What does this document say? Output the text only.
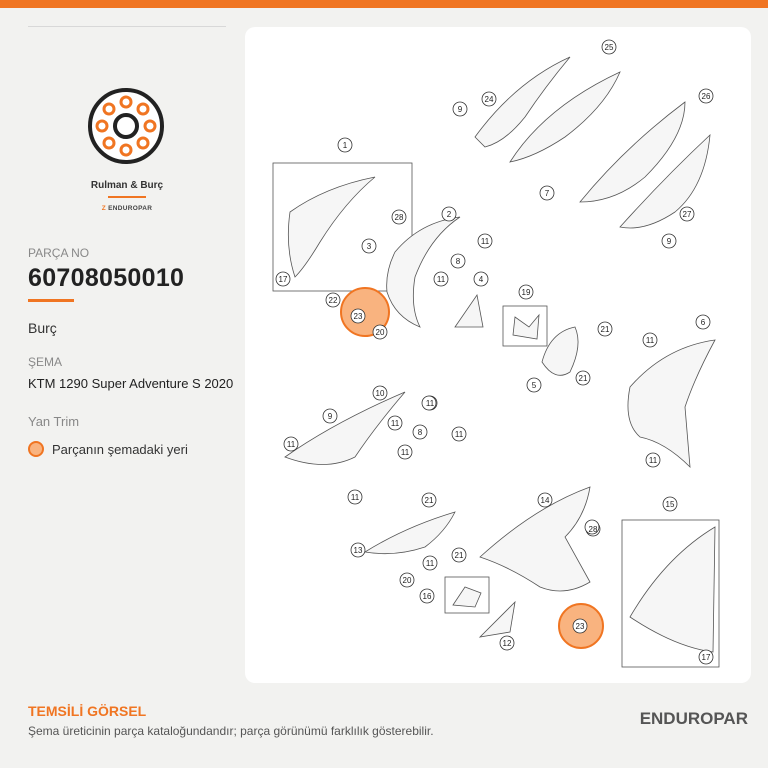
Rulman & Burç
Z ENDUROPAR
PARÇA NO
60708050010
Burç
ŞEMA
KTM 1290 Super Adventure S 2020
Yan Trim
Parçanın şemadaki yeri
1
2
3
4
5
6
7
8
11
9
9
9
10
11
11
11
8
11
11
11
11
11
11
21
11
13
21
20
16
12
14
28
15
17
17
22
28
20
19
21
21
25
24	26
27
23
23
TEMSİLİ GÖRSEL
Şema üreticinin parça kataloğundandır; parça görünümü farklılık gösterebilir.
ENDUROPAR
